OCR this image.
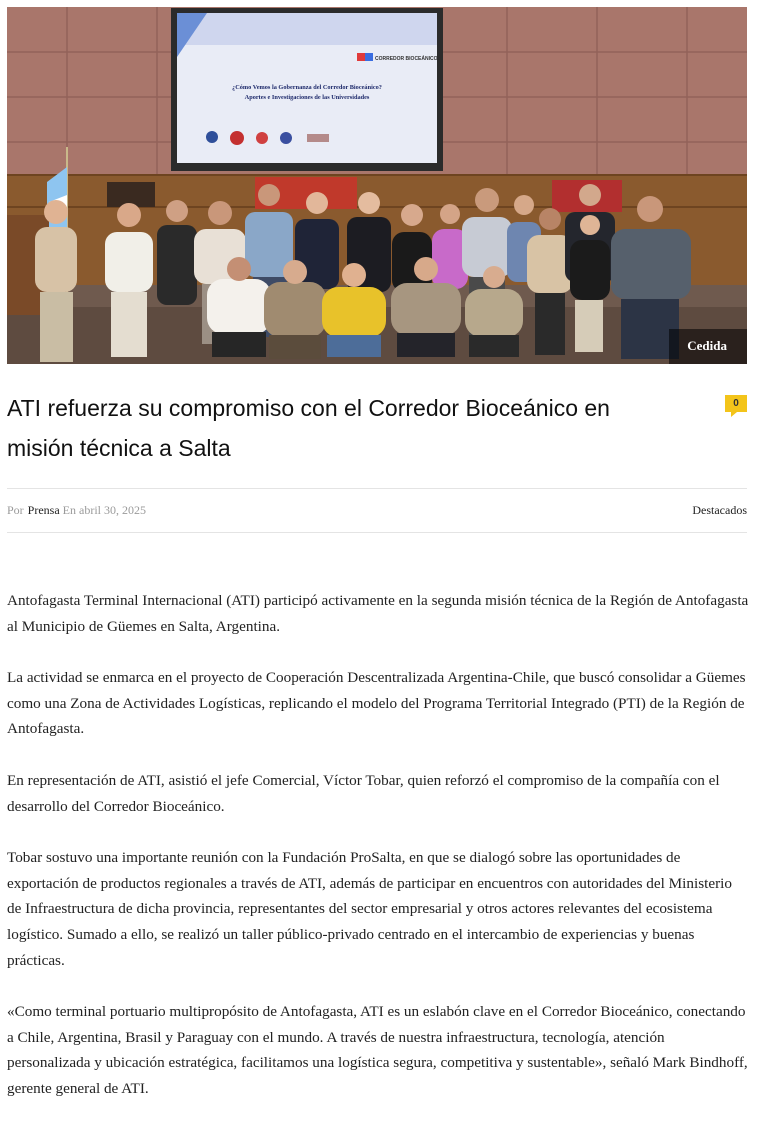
CORREDOR BIOCEÁNICO
¿Cómo Vemos la Gobernanza del Corredor Bioceánico?
Aportes e Investigaciones de las Universidades
Cedida
ATI refuerza su compromiso con el Corredor Bioceánico en misión técnica a Salta
0
Por Prensa En abril 30, 2025	Destacados

Antofagasta Terminal Internacional (ATI) participó activamente en la segunda misión técnica de la Región de Antofagasta al Municipio de Güemes en Salta, Argentina.

La actividad se enmarca en el proyecto de Cooperación Descentralizada Argentina-Chile, que buscó consolidar a Güemes como una Zona de Actividades Logísticas, replicando el modelo del Programa Territorial Integrado (PTI) de la Región de Antofagasta.

En representación de ATI, asistió el jefe Comercial, Víctor Tobar, quien reforzó el compromiso de la compañía con el desarrollo del Corredor Bioceánico.

Tobar sostuvo una importante reunión con la Fundación ProSalta, en que se dialogó sobre las oportunidades de exportación de productos regionales a través de ATI, además de participar en encuentros con autoridades del Ministerio de Infraestructura de dicha provincia, representantes del sector empresarial y otros actores relevantes del ecosistema logístico. Sumado a ello, se realizó un taller público-privado centrado en el intercambio de experiencias y buenas prácticas.

«Como terminal portuario multipropósito de Antofagasta, ATI es un eslabón clave en el Corredor Bioceánico, conectando a Chile, Argentina, Brasil y Paraguay con el mundo. A través de nuestra infraestructura, tecnología, atención personalizada y ubicación estratégica, facilitamos una logística segura, competitiva y sustentable», señaló Mark Bindhoff, gerente general de ATI.
